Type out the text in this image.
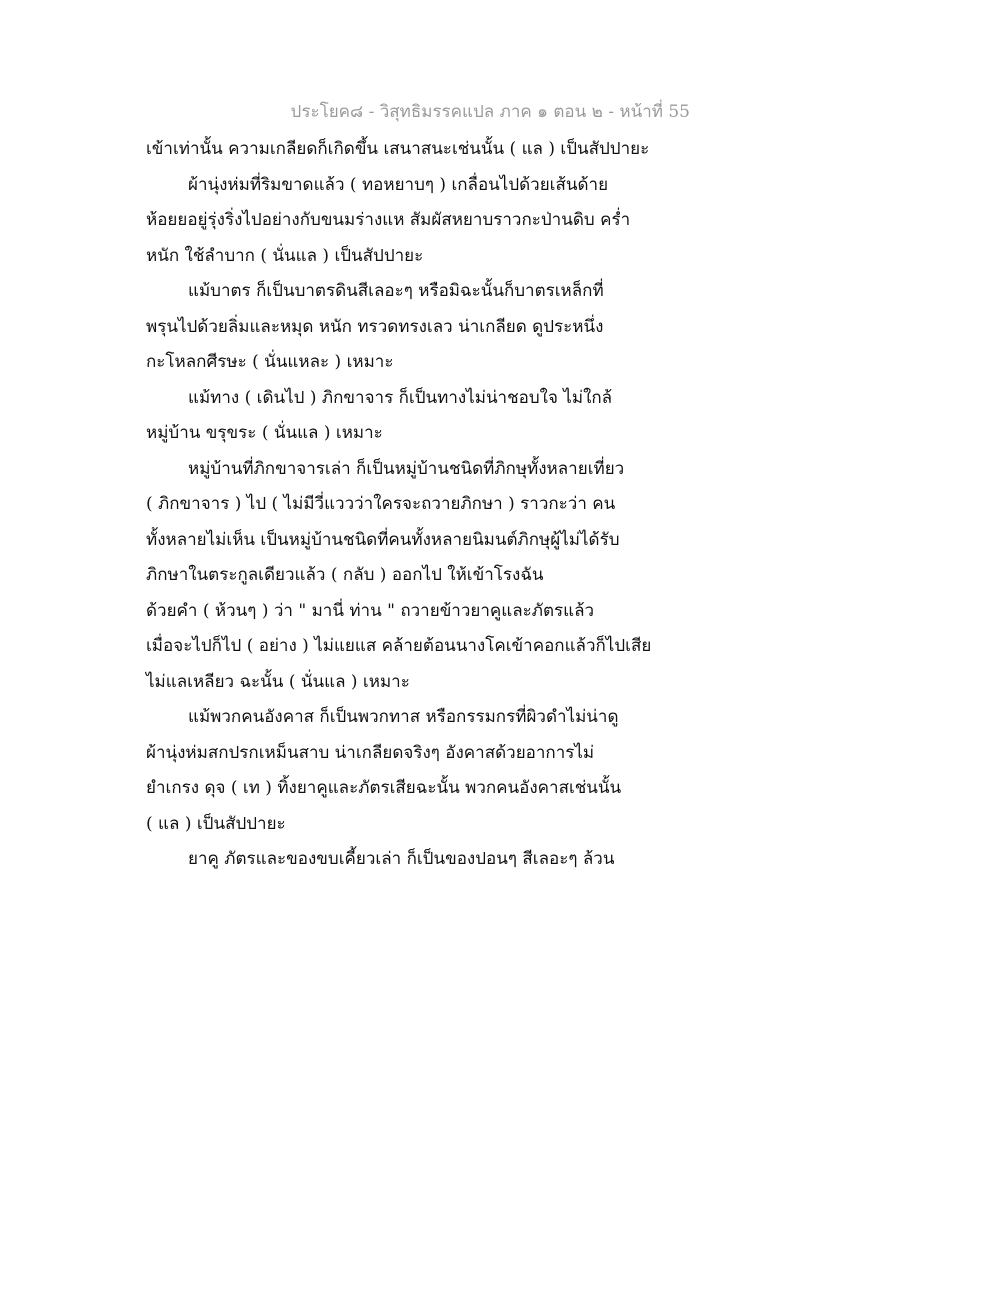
ประโยค๘ - วิสุทธิมรรคแปล ภาค ๑ ตอน ๒ - หน้าที่ 55
เข้าเท่านั้น ความเกลียดก็เกิดขึ้น เสนาสนะเช่นนั้น ( แล ) เป็นสัปปายะ
ผ้านุ่งห่มที่ริมขาดแล้ว ( ทอหยาบๆ ) เกลื่อนไปด้วยเส้นด้าย
ห้อยยอยู่รุ่งริ่งไปอย่างกับขนมร่างแห สัมผัสหยาบราวกะป่านดิบ คร่ำ
หนัก ใช้ลำบาก ( นั่นแล ) เป็นสัปปายะ
แม้บาตร ก็เป็นบาตรดินสีเลอะๆ หรือมิฉะนั้นก็บาตรเหล็กที่
พรุนไปด้วยลิ่มและหมุด หนัก ทรวดทรงเลว น่าเกลียด ดูประหนึ่ง
กะโหลกศีรษะ ( นั่นแหละ ) เหมาะ
แม้ทาง ( เดินไป ) ภิกขาจาร ก็เป็นทางไม่น่าชอบใจ ไม่ใกล้
หมู่บ้าน ขรุขระ ( นั่นแล ) เหมาะ
หมู่บ้านที่ภิกขาจารเล่า ก็เป็นหมู่บ้านชนิดที่ภิกษุทั้งหลายเที่ยว
( ภิกขาจาร ) ไป ( ไม่มีวี่แววว่าใครจะถวายภิกษา ) ราวกะว่า คน
ทั้งหลายไม่เห็น เป็นหมู่บ้านชนิดที่คนทั้งหลายนิมนต์ภิกษุผู้ไม่ได้รับ
ภิกษาในตระกูลเดียวแล้ว ( กลับ ) ออกไป ให้เข้าโรงฉัน
ด้วยคำ ( ห้วนๆ ) ว่า " มานี่ ท่าน " ถวายข้าวยาคูและภัตรแล้ว
เมื่อจะไปก็ไป ( อย่าง ) ไม่แยแส คล้ายต้อนนางโคเข้าคอกแล้วก็ไปเสีย
ไม่แลเหลียว ฉะนั้น ( นั่นแล ) เหมาะ
แม้พวกคนอังคาส ก็เป็นพวกทาส หรือกรรมกรที่ผิวดำไม่น่าดู
ผ้านุ่งห่มสกปรกเหม็นสาบ น่าเกลียดจริงๆ อังคาสด้วยอาการไม่
ยำเกรง ดุจ ( เท ) ทิ้งยาคูและภัตรเสียฉะนั้น พวกคนอังคาสเช่นนั้น
( แล ) เป็นสัปปายะ
ยาคู ภัตรและของขบเคี้ยวเล่า ก็เป็นของปอนๆ สีเลอะๆ ล้วน
